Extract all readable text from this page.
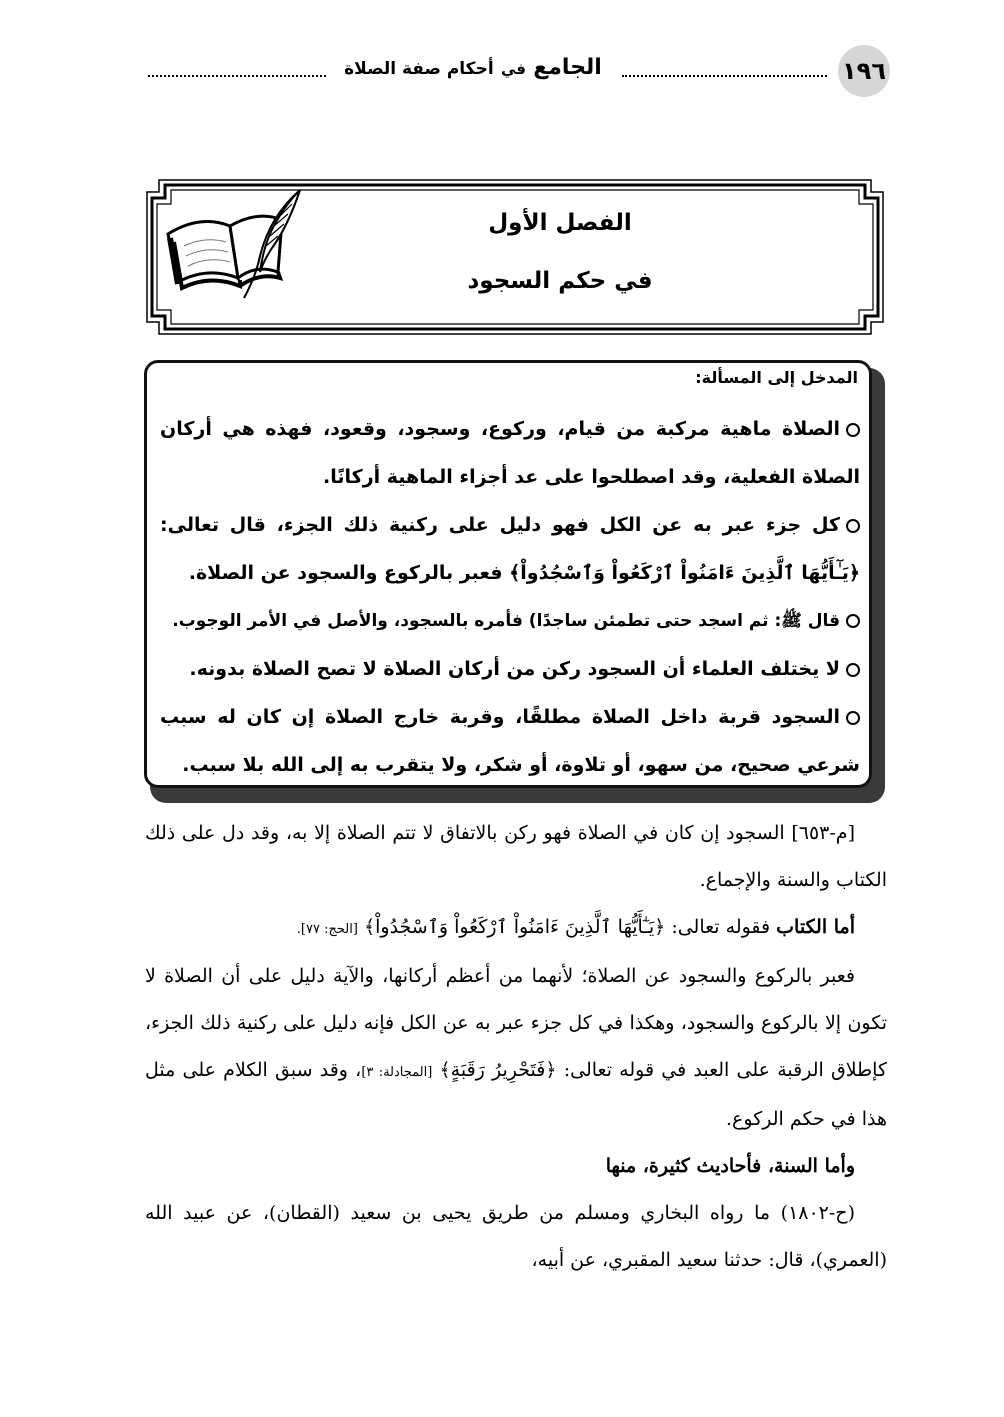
١٩٦
الجامع في أحكام صفة الصلاة
الفصل الأول
في حكم السجود
المدخل إلى المسألة:
الصلاة ماهية مركبة من قيام، وركوع، وسجود، وقعود، فهذه هي أركان الصلاة الفعلية، وقد اصطلحوا على عد أجزاء الماهية أركانًا.
كل جزء عبر به عن الكل فهو دليل على ركنية ذلك الجزء، قال تعالى: ﴿يَـٰٓأَيُّهَا ٱلَّذِينَ ءَامَنُواْ ٱرْكَعُواْ وَٱسْجُدُواْ﴾ فعبر بالركوع والسجود عن الصلاة.
قال ﷺ: ثم اسجد حتى تطمئن ساجدًا) فأمره بالسجود، والأصل في الأمر الوجوب.
لا يختلف العلماء أن السجود ركن من أركان الصلاة لا تصح الصلاة بدونه.
السجود قربة داخل الصلاة مطلقًا، وقربة خارج الصلاة إن كان له سبب شرعي صحيح، من سهو، أو تلاوة، أو شكر، ولا يتقرب به إلى الله بلا سبب.

[م-٦٥٣] السجود إن كان في الصلاة فهو ركن بالاتفاق لا تتم الصلاة إلا به، وقد دل على ذلك الكتاب والسنة والإجماع.

أما الكتاب فقوله تعالى: ﴿يَـٰٓأَيُّهَا ٱلَّذِينَ ءَامَنُواْ ٱرْكَعُواْ وَٱسْجُدُواْ﴾ [الحج: ٧٧].

فعبر بالركوع والسجود عن الصلاة؛ لأنهما من أعظم أركانها، والآية دليل على أن الصلاة لا تكون إلا بالركوع والسجود، وهكذا في كل جزء عبر به عن الكل فإنه دليل على ركنية ذلك الجزء، كإطلاق الرقبة على العبد في قوله تعالى: ﴿فَتَحْرِيرُ رَقَبَةٍ﴾ [المجادلة: ٣]، وقد سبق الكلام على مثل هذا في حكم الركوع.

وأما السنة، فأحاديث كثيرة، منها

(ح-١٨٠٢) ما رواه البخاري ومسلم من طريق يحيى بن سعيد (القطان)، عن عبيد الله (العمري)، قال: حدثنا سعيد المقبري، عن أبيه،
